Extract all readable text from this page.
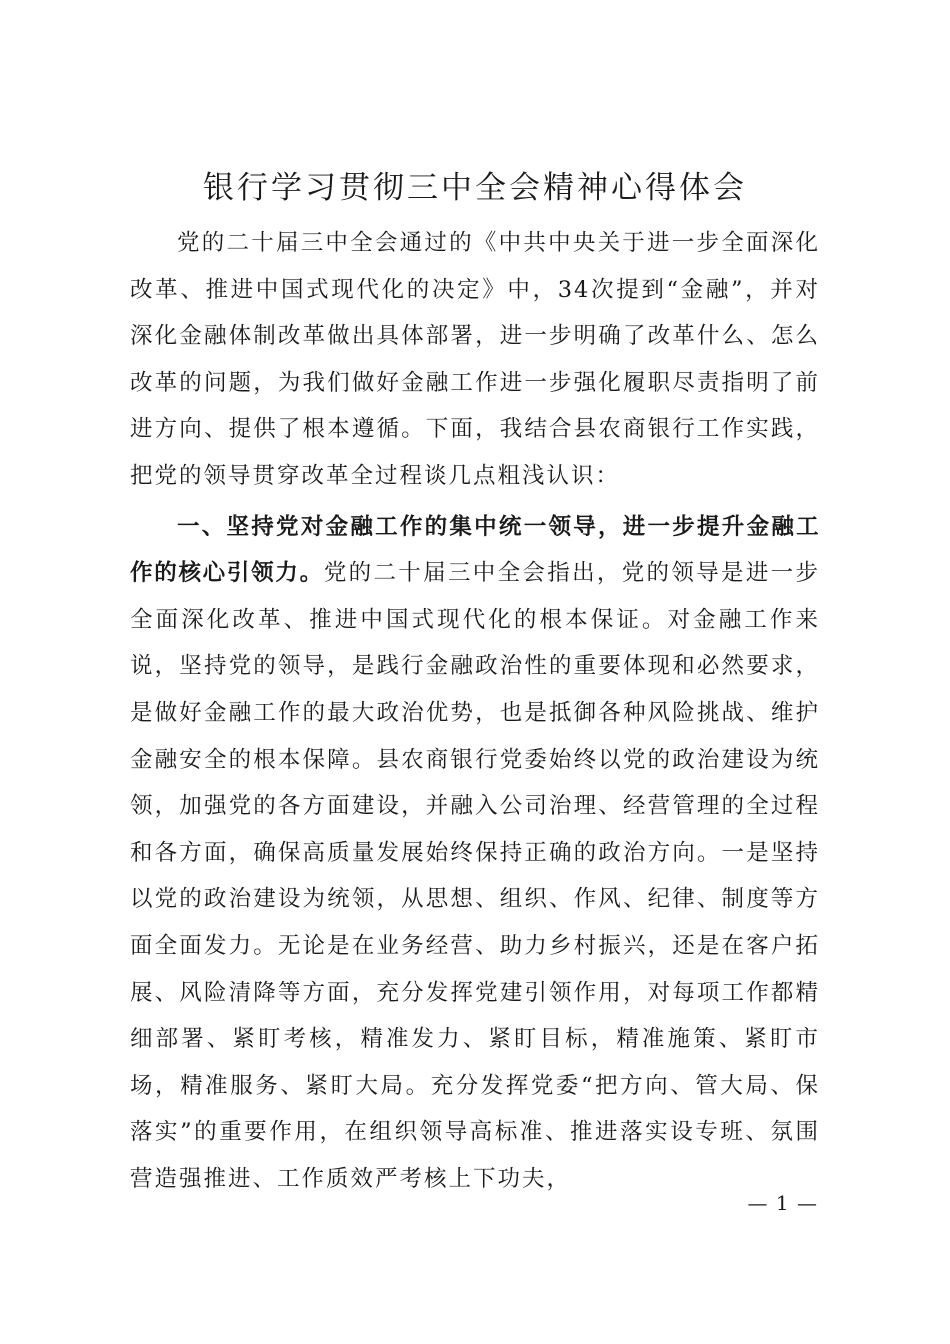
银行学习贯彻三中全会精神心得体会

党的二十届三中全会通过的《中共中央关于进一步全面深化改革、推进中国式现代化的决定》中，34次提到“金融”，并对深化金融体制改革做出具体部署，进一步明确了改革什么、怎么改革的问题，为我们做好金融工作进一步强化履职尽责指明了前进方向、提供了根本遵循。下面，我结合县农商银行工作实践，把党的领导贯穿改革全过程谈几点粗浅认识：

一、坚持党对金融工作的集中统一领导，进一步提升金融工作的核心引领力。党的二十届三中全会指出，党的领导是进一步全面深化改革、推进中国式现代化的根本保证。对金融工作来说，坚持党的领导，是践行金融政治性的重要体现和必然要求，是做好金融工作的最大政治优势，也是抵御各种风险挑战、维护金融安全的根本保障。县农商银行党委始终以党的政治建设为统领，加强党的各方面建设，并融入公司治理、经营管理的全过程和各方面，确保高质量发展始终保持正确的政治方向。一是坚持以党的政治建设为统领，从思想、组织、作风、纪律、制度等方面全面发力。无论是在业务经营、助力乡村振兴，还是在客户拓展、风险清降等方面，充分发挥党建引领作用，对每项工作都精细部署、紧盯考核，精准发力、紧盯目标，精准施策、紧盯市场，精准服务、紧盯大局。充分发挥党委“把方向、管大局、保落实”的重要作用，在组织领导高标准、推进落实设专班、氛围营造强推进、工作质效严考核上下功夫，

— 1 —
